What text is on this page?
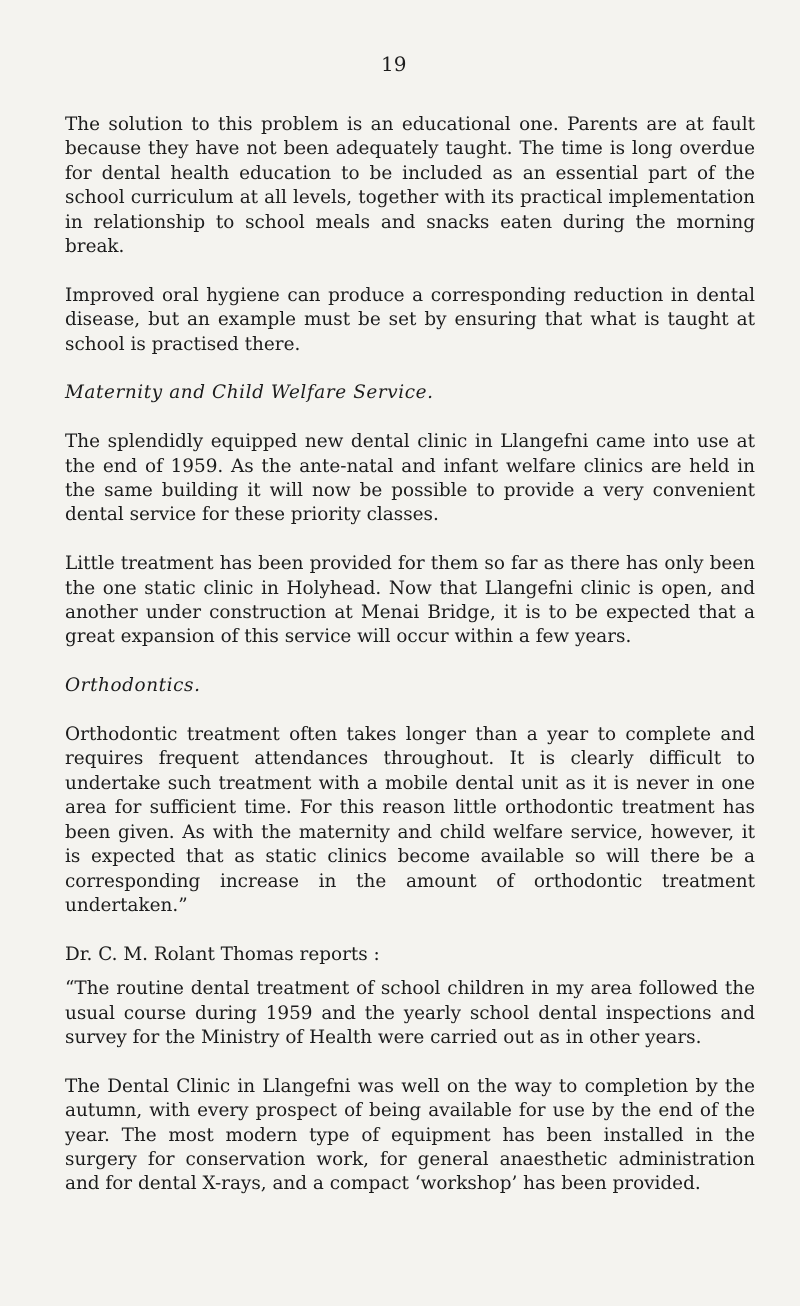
19

The solution to this problem is an educational one. Parents are at fault because they have not been adequately taught. The time is long overdue for dental health education to be included as an essential part of the school curriculum at all levels, together with its practical implementation in relationship to school meals and snacks eaten during the morning break.

Improved oral hygiene can produce a corresponding reduction in dental disease, but an example must be set by ensuring that what is taught at school is practised there.

Maternity and Child Welfare Service.

The splendidly equipped new dental clinic in Llangefni came into use at the end of 1959. As the ante-natal and infant welfare clinics are held in the same building it will now be possible to provide a very convenient dental service for these priority classes.

Little treatment has been provided for them so far as there has only been the one static clinic in Holyhead. Now that Llangefni clinic is open, and another under construction at Menai Bridge, it is to be expected that a great expansion of this service will occur within a few years.

Orthodontics.

Orthodontic treatment often takes longer than a year to complete and requires frequent attendances throughout. It is clearly difficult to undertake such treatment with a mobile dental unit as it is never in one area for sufficient time. For this reason little orthodontic treatment has been given. As with the maternity and child welfare service, however, it is expected that as static clinics become available so will there be a corresponding increase in the amount of orthodontic treatment undertaken.”

Dr. C. M. Rolant Thomas reports :

“The routine dental treatment of school children in my area followed the usual course during 1959 and the yearly school dental inspections and survey for the Ministry of Health were carried out as in other years.

The Dental Clinic in Llangefni was well on the way to completion by the autumn, with every prospect of being available for use by the end of the year. The most modern type of equipment has been installed in the surgery for conservation work, for general anaesthetic administration and for dental X-rays, and a compact ‘workshop’ has been provided.
